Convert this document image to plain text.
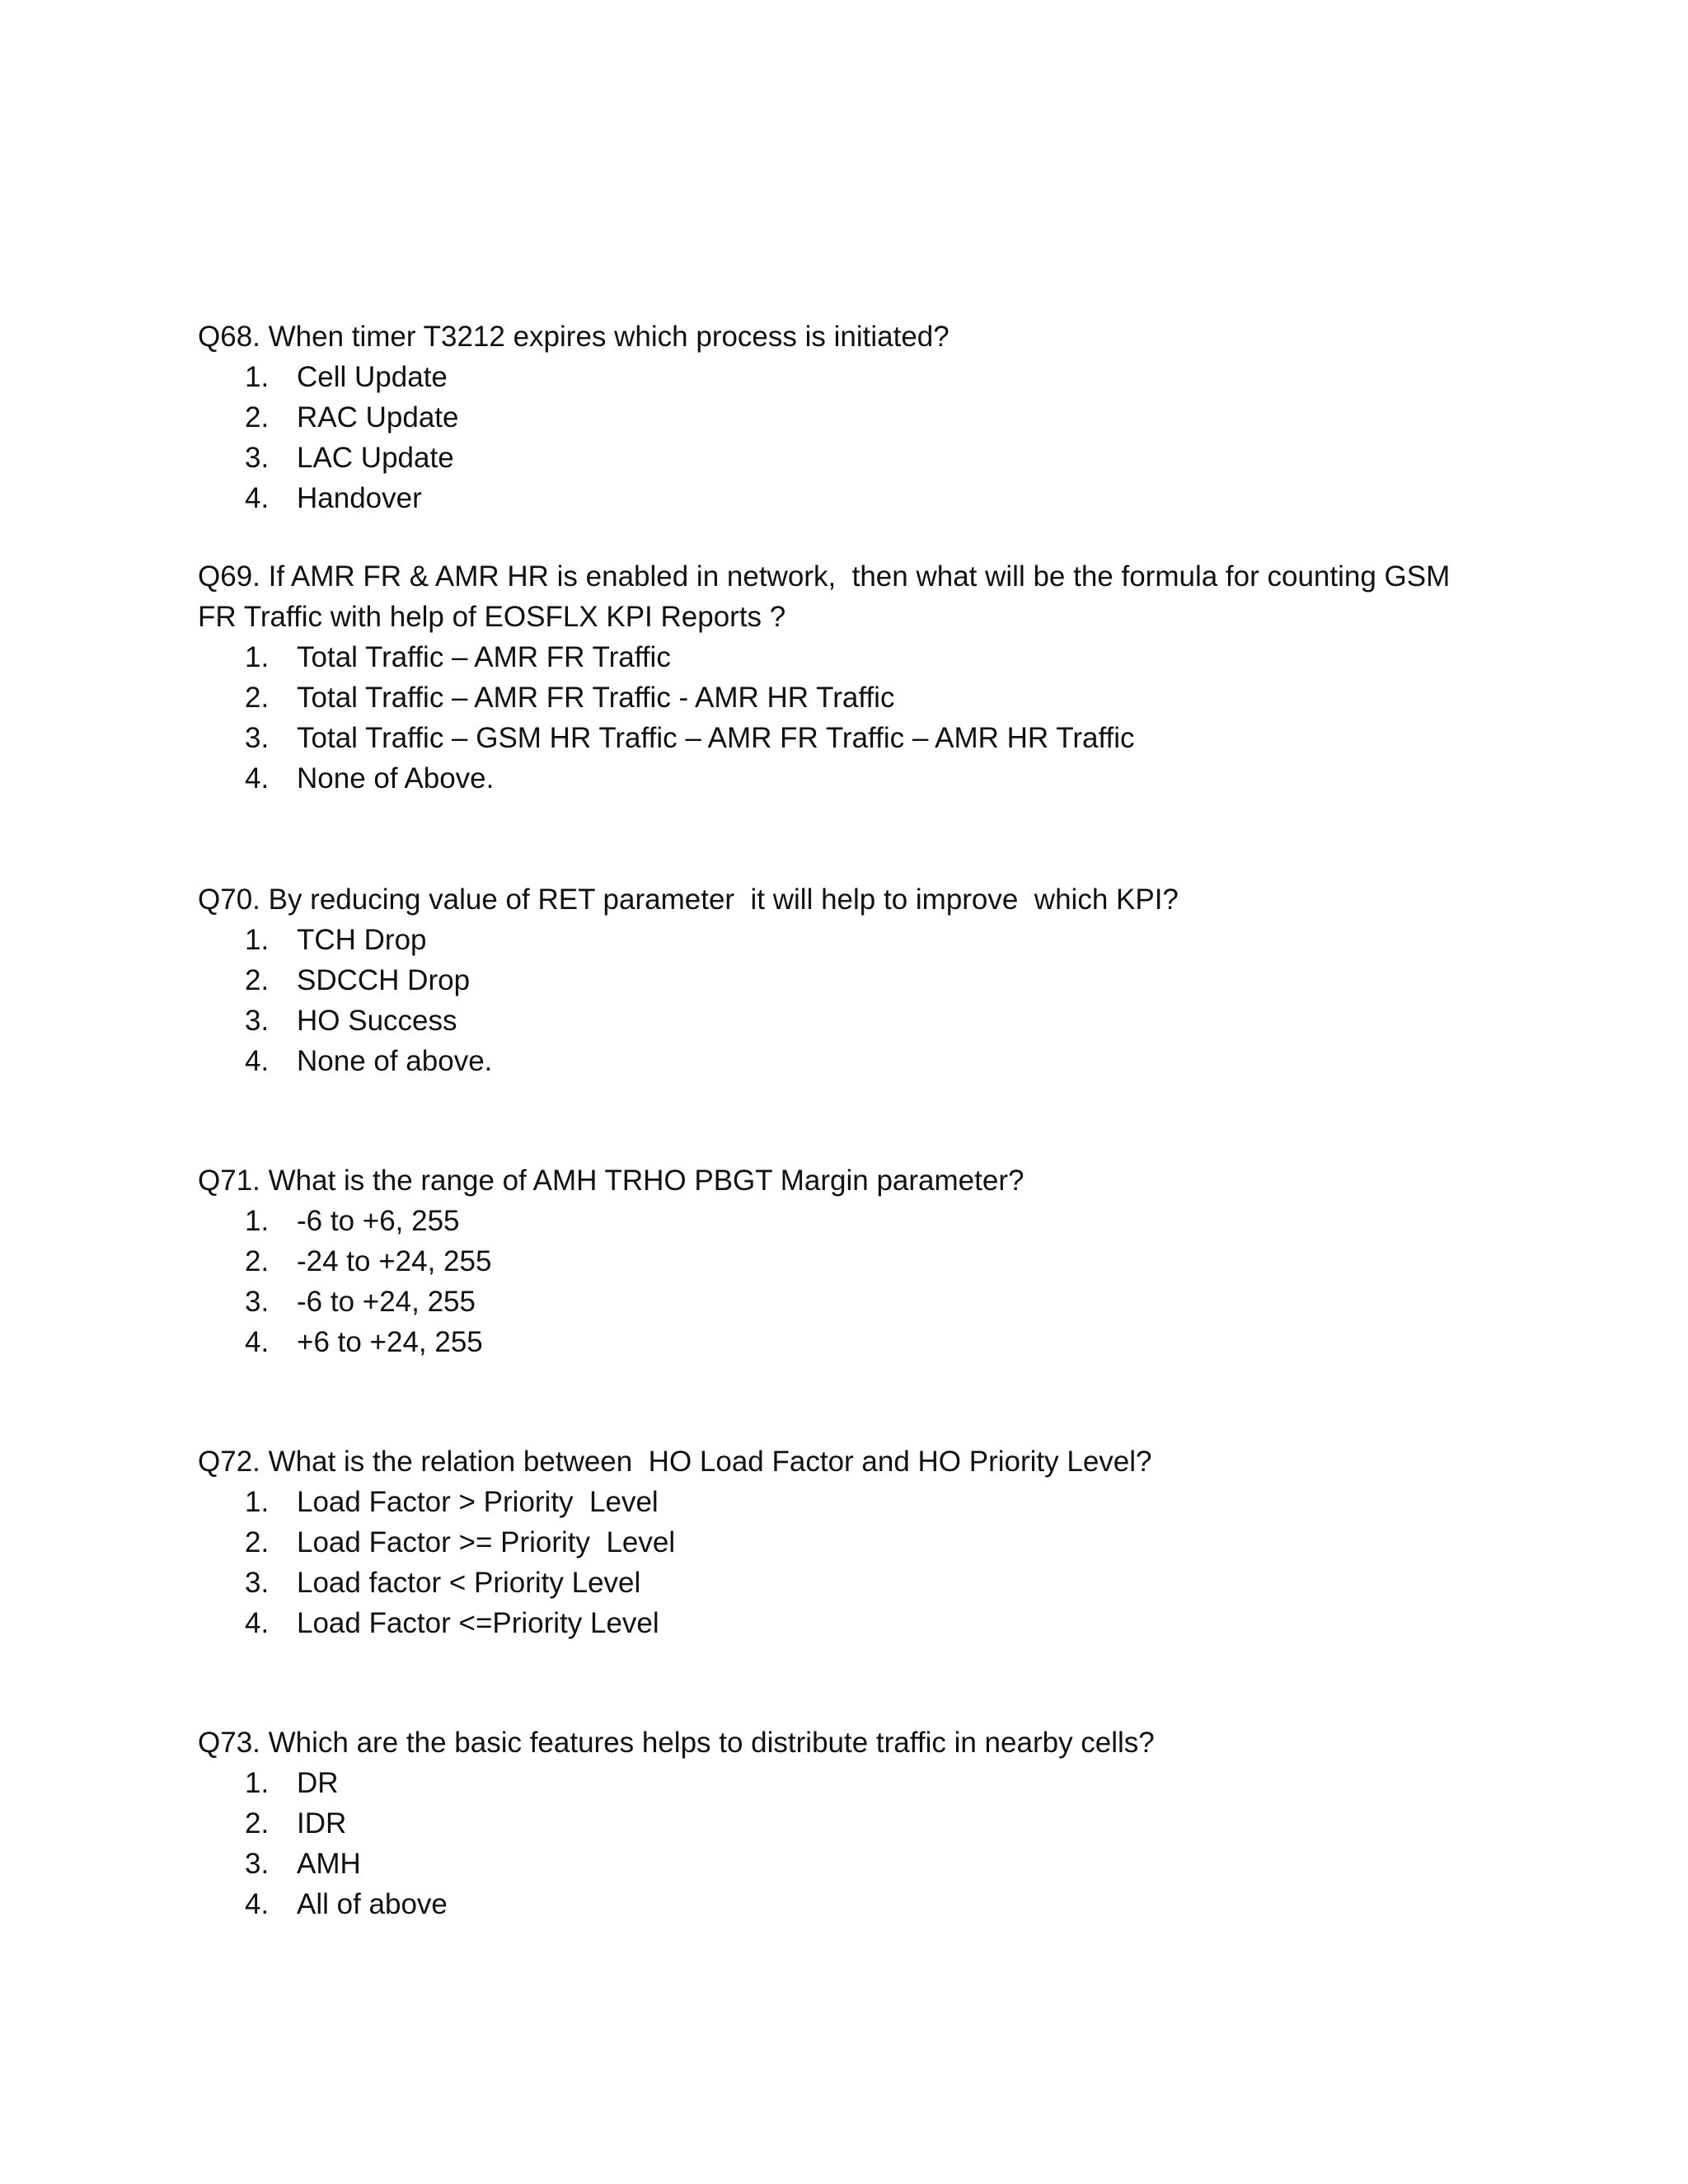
Q68. When timer T3212 expires which process is initiated?

1. Cell Update
2. RAC Update
3. LAC Update
4. Handover

Q69. If AMR FR & AMR HR is enabled in network,  then what will be the formula for counting GSM FR Traffic with help of EOSFLX KPI Reports ?

1. Total Traffic – AMR FR Traffic
2. Total Traffic – AMR FR Traffic - AMR HR Traffic
3. Total Traffic – GSM HR Traffic – AMR FR Traffic – AMR HR Traffic
4. None of Above.

Q70. By reducing value of RET parameter  it will help to improve  which KPI?

1. TCH Drop
2. SDCCH Drop
3. HO Success
4. None of above.

Q71. What is the range of AMH TRHO PBGT Margin parameter?

1. -6 to +6, 255
2. -24 to +24, 255
3. -6 to +24, 255
4. +6 to +24, 255

Q72. What is the relation between  HO Load Factor and HO Priority Level?

1. Load Factor > Priority  Level
2. Load Factor >= Priority  Level
3. Load factor < Priority Level
4. Load Factor <=Priority Level

Q73. Which are the basic features helps to distribute traffic in nearby cells?

1. DR
2. IDR
3. AMH
4. All of above
